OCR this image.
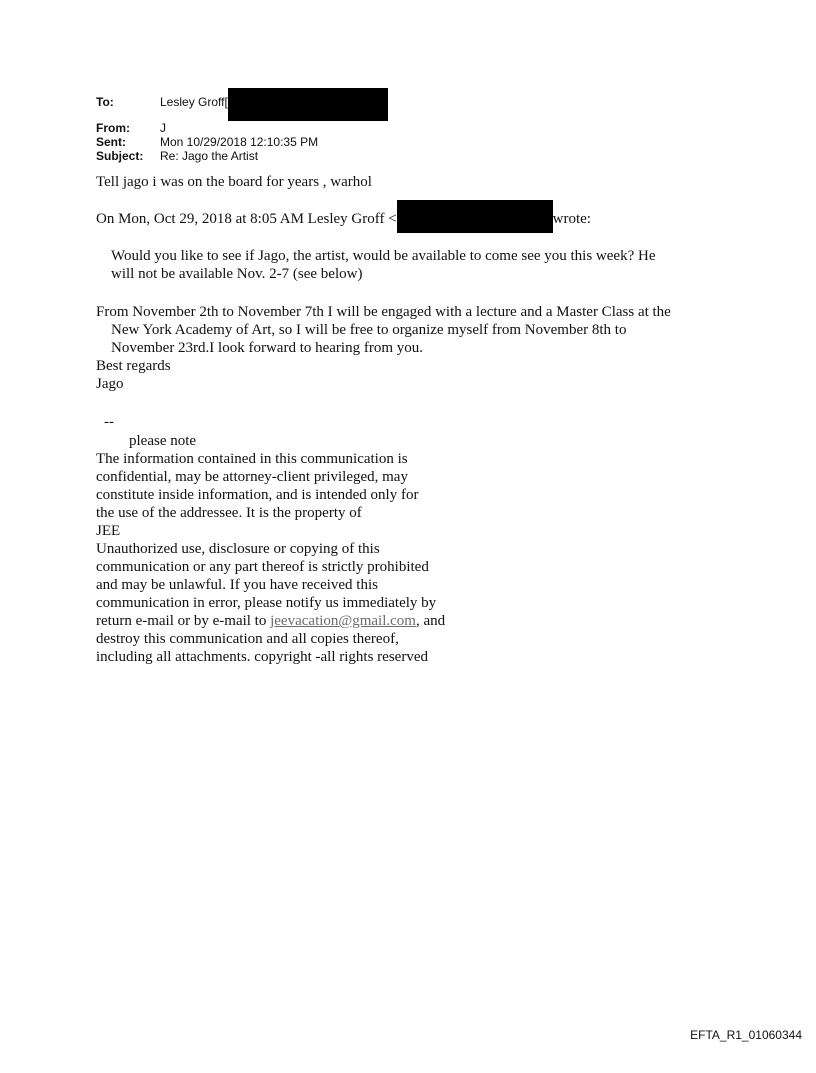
To:	Lesley Groff[
From:	J
Sent:	Mon 10/29/2018 12:10:35 PM
Subject:	Re: Jago the Artist
Tell jago i was on the board for years , warhol
On Mon, Oct 29, 2018 at 8:05 AM Lesley Groff <	wrote:
Would you like to see if Jago, the artist, would be available to come see you this week? He
will not be available Nov. 2-7 (see below)
From November 2th to November 7th I will be engaged with a lecture and a Master Class at the
New York Academy of Art, so I will be free to organize myself from November 8th to
November 23rd.I look forward to hearing from you.
Best regards
Jago
--
please note
The information contained in this communication is
confidential, may be attorney-client privileged, may
constitute inside information, and is intended only for
the use of the addressee. It is the property of
JEE
Unauthorized use, disclosure or copying of this
communication or any part thereof is strictly prohibited
and may be unlawful. If you have received this
communication in error, please notify us immediately by
return e-mail or by e-mail to jeevacation@gmail.com, and
destroy this communication and all copies thereof,
including all attachments. copyright -all rights reserved
EFTA_R1_01060344
